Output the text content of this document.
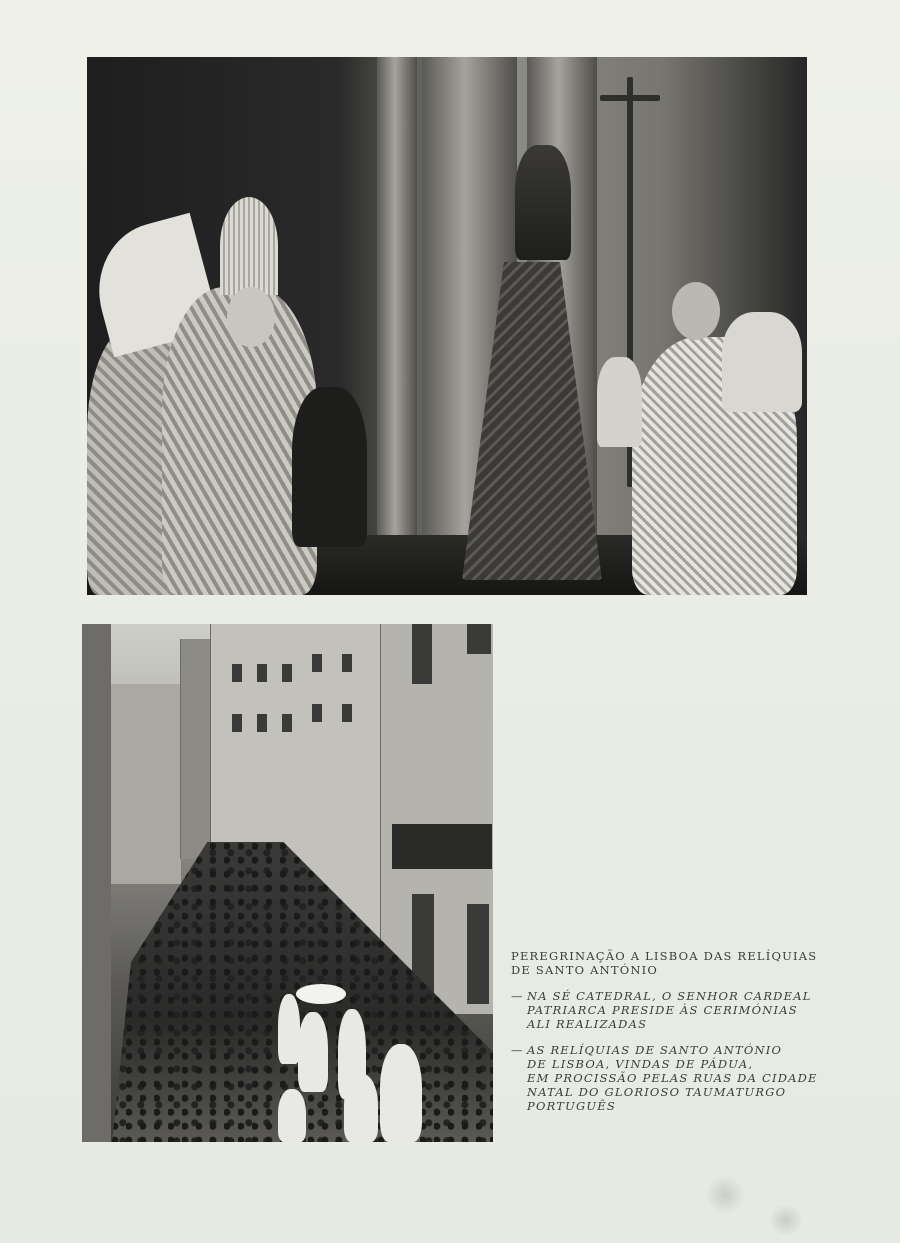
PEREGRINAÇÃO A LISBOA DAS RELÍQUIAS
DE SANTO ANTÓNIO
— NA SÉ CATEDRAL, O SENHOR CARDEAL
PATRIARCA PRESIDE ÀS CERIMÓNIAS
ALI REALIZADAS
— AS RELÍQUIAS DE SANTO ANTÓNIO
DE LISBOA, VINDAS DE PÁDUA,
EM PROCISSÃO PELAS RUAS DA CIDADE
NATAL DO GLORIOSO TAUMATURGO
PORTUGUÊS
